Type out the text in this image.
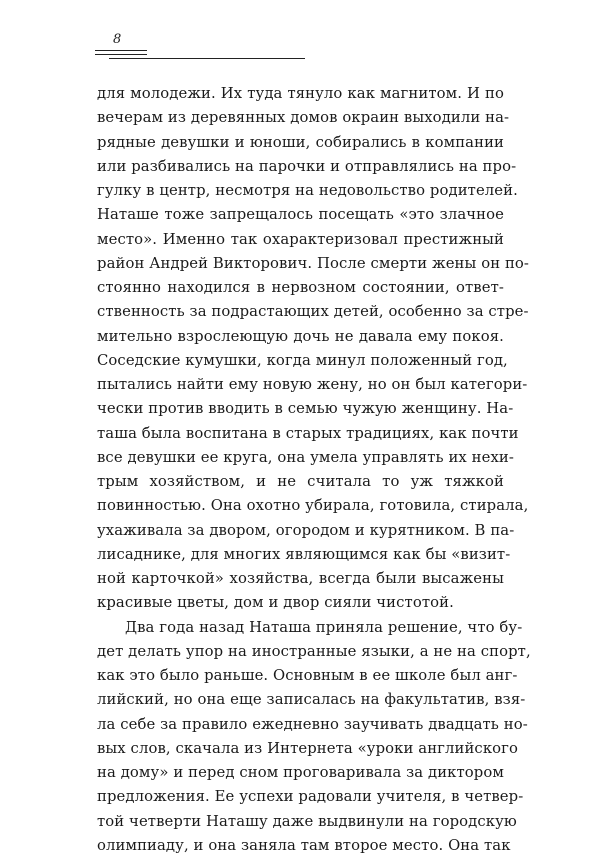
8
для молодежи. Их туда тянуло как магнитом. И по
вечерам из деревянных домов окраин выходили на-
рядные девушки и юноши, собирались в компании
или разбивались на парочки и отправлялись на про-
гулку в центр, несмотря на недовольство родителей.
Наташе тоже запрещалось посещать «это злачное
место». Именно так охарактеризовал престижный
район Андрей Викторович. После смерти жены он по-
стоянно находился в нервозном состоянии, ответ-
ственность за подрастающих детей, особенно за стре-
мительно взрослеющую дочь не давала ему покоя.
Соседские кумушки, когда минул положенный год,
пытались найти ему новую жену, но он был категори-
чески против вводить в семью чужую женщину. На-
таша была воспитана в старых традициях, как почти
все девушки ее круга, она умела управлять их нехи-
трым хозяйством, и не считала то уж тяжкой
повинностью. Она охотно убирала, готовила, стирала,
ухаживала за двором, огородом и курятником. В па-
лисаднике, для многих являющимся как бы «визит-
ной карточкой» хозяйства, всегда были высажены
красивые цветы, дом и двор сияли чистотой.
Два года назад Наташа приняла решение, что бу-
дет делать упор на иностранные языки, а не на спорт,
как это было раньше. Основным в ее школе был анг-
лийский, но она еще записалась на факультатив, взя-
ла себе за правило ежедневно заучивать двадцать но-
вых слов, скачала из Интернета «уроки английского
на дому» и перед сном проговаривала за диктором
предложения. Ее успехи радовали учителя, в четвер-
той четверти Наташу даже выдвинули на городскую
олимпиаду, и она заняла там второе место. Она так
